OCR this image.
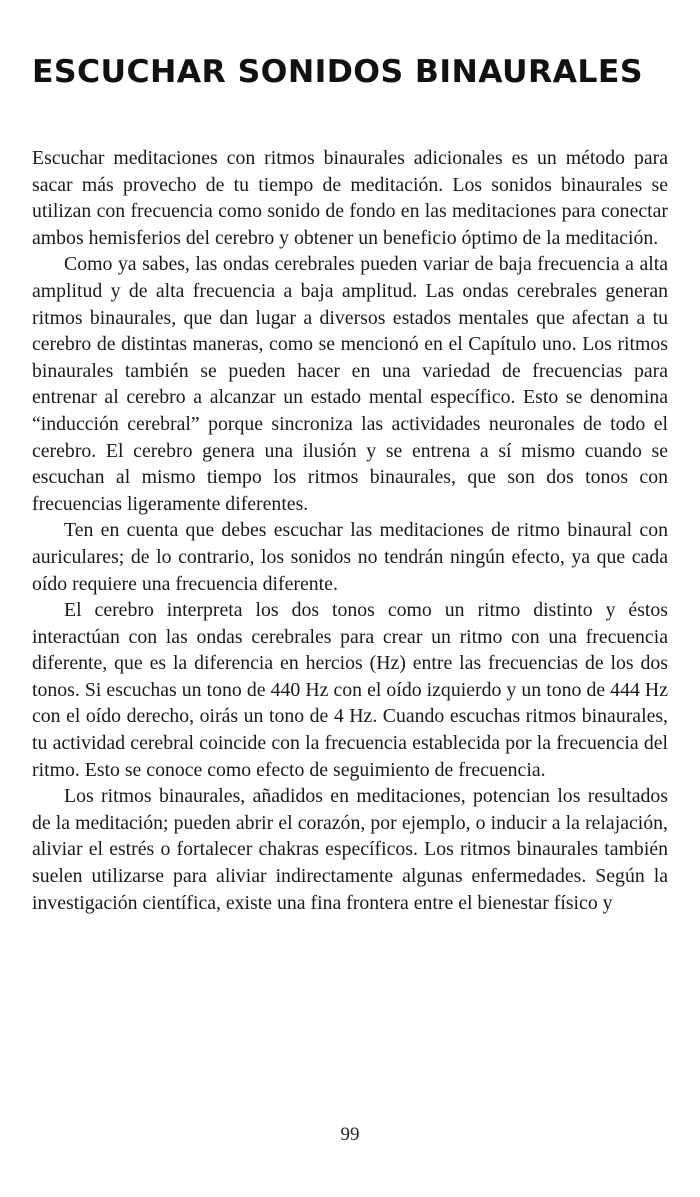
ESCUCHAR SONIDOS BINAURALES

Escuchar meditaciones con ritmos binaurales adicionales es un método para sacar más provecho de tu tiempo de meditación. Los sonidos binaurales se utilizan con frecuencia como sonido de fondo en las meditaciones para conectar ambos hemisferios del cerebro y obtener un beneficio óptimo de la meditación.

Como ya sabes, las ondas cerebrales pueden variar de baja frecuencia a alta amplitud y de alta frecuencia a baja amplitud. Las ondas cerebrales generan ritmos binaurales, que dan lugar a diversos estados mentales que afectan a tu cerebro de distintas maneras, como se mencionó en el Capítulo uno. Los ritmos binaurales también se pueden hacer en una variedad de frecuencias para entrenar al cerebro a alcanzar un estado mental específico. Esto se denomina “inducción cerebral” porque sincroniza las actividades neuronales de todo el cerebro. El cerebro genera una ilusión y se entrena a sí mismo cuando se escuchan al mismo tiempo los ritmos binaurales, que son dos tonos con frecuencias ligeramente diferentes.

Ten en cuenta que debes escuchar las meditaciones de ritmo binaural con auriculares; de lo contrario, los sonidos no tendrán ningún efecto, ya que cada oído requiere una frecuencia diferente.

El cerebro interpreta los dos tonos como un ritmo distinto y éstos interactúan con las ondas cerebrales para crear un ritmo con una frecuencia diferente, que es la diferencia en hercios (Hz) entre las frecuencias de los dos tonos. Si escuchas un tono de 440 Hz con el oído izquierdo y un tono de 444 Hz con el oído derecho, oirás un tono de 4 Hz. Cuando escuchas ritmos binaurales, tu actividad cerebral coincide con la frecuencia establecida por la frecuencia del ritmo. Esto se conoce como efecto de seguimiento de frecuencia.

Los ritmos binaurales, añadidos en meditaciones, potencian los resultados de la meditación; pueden abrir el corazón, por ejemplo, o inducir a la relajación, aliviar el estrés o fortalecer chakras específicos. Los ritmos binaurales también suelen utilizarse para aliviar indirectamente algunas enfermedades. Según la investigación científica, existe una fina frontera entre el bienestar físico y

99
